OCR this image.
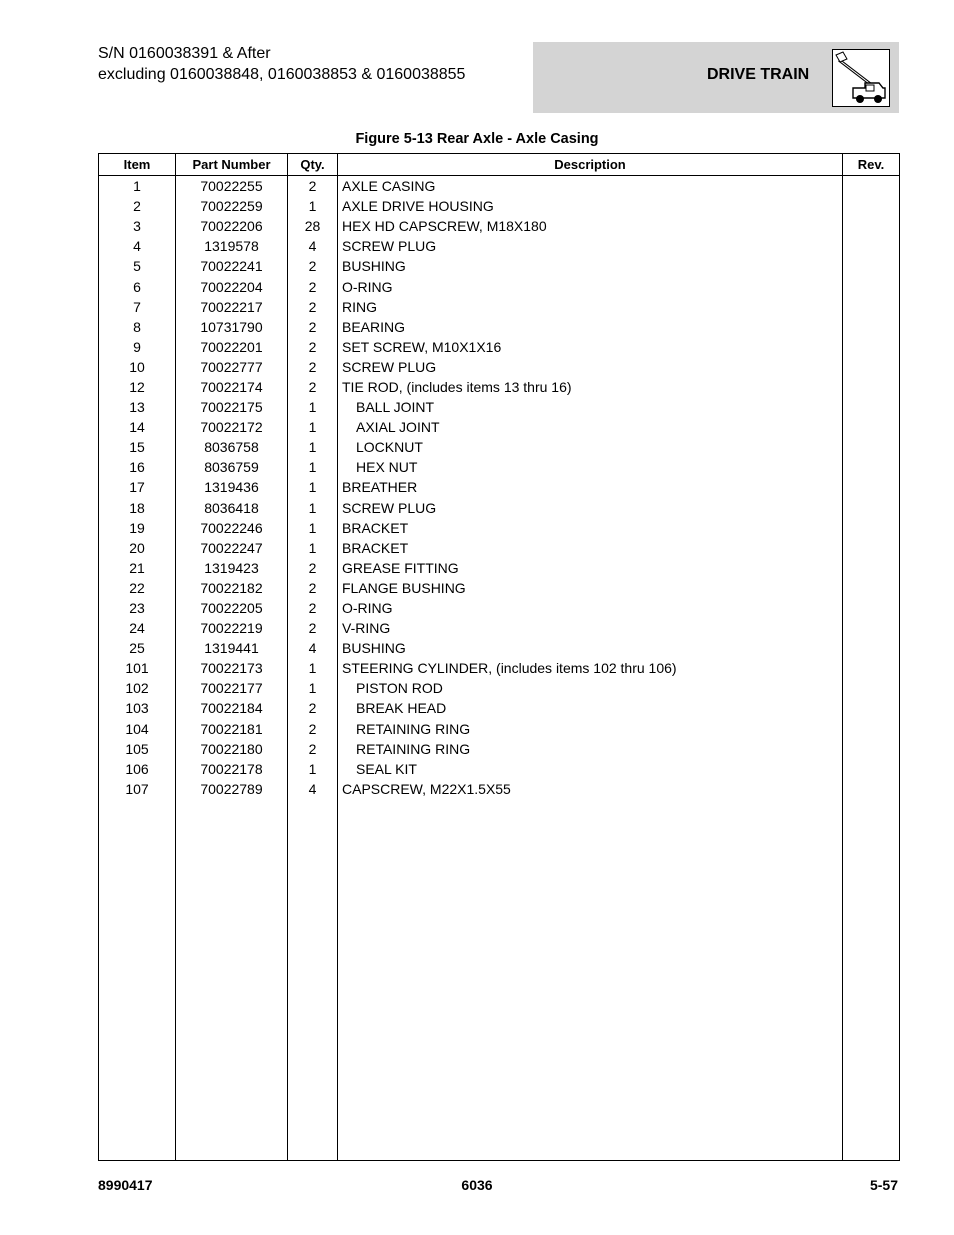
S/N 0160038391 & After
excluding 0160038848, 0160038853 & 0160038855	DRIVE TRAIN
Figure 5-13 Rear Axle - Axle Casing
Item	Part Number	Qty.	Description	Rev.
1	70022255	2	AXLE CASING	
2	70022259	1	AXLE DRIVE HOUSING	
3	70022206	28	HEX HD CAPSCREW, M18X180	
4	1319578	4	SCREW PLUG	
5	70022241	2	BUSHING	
6	70022204	2	O-RING	
7	70022217	2	RING	
8	10731790	2	BEARING	
9	70022201	2	SET SCREW, M10X1X16	
10	70022777	2	SCREW PLUG	
12	70022174	2	TIE ROD, (includes items 13 thru 16)	
13	70022175	1	BALL JOINT	
14	70022172	1	AXIAL JOINT	
15	8036758	1	LOCKNUT	
16	8036759	1	HEX NUT	
17	1319436	1	BREATHER	
18	8036418	1	SCREW PLUG	
19	70022246	1	BRACKET	
20	70022247	1	BRACKET	
21	1319423	2	GREASE FITTING	
22	70022182	2	FLANGE BUSHING	
23	70022205	2	O-RING	
24	70022219	2	V-RING	
25	1319441	4	BUSHING	
101	70022173	1	STEERING CYLINDER, (includes items 102 thru 106)	
102	70022177	1	PISTON ROD	
103	70022184	2	BREAK HEAD	
104	70022181	2	RETAINING RING	
105	70022180	2	RETAINING RING	
106	70022178	1	SEAL KIT	
107	70022789	4	CAPSCREW, M22X1.5X55	

8990417	6036	5-57
